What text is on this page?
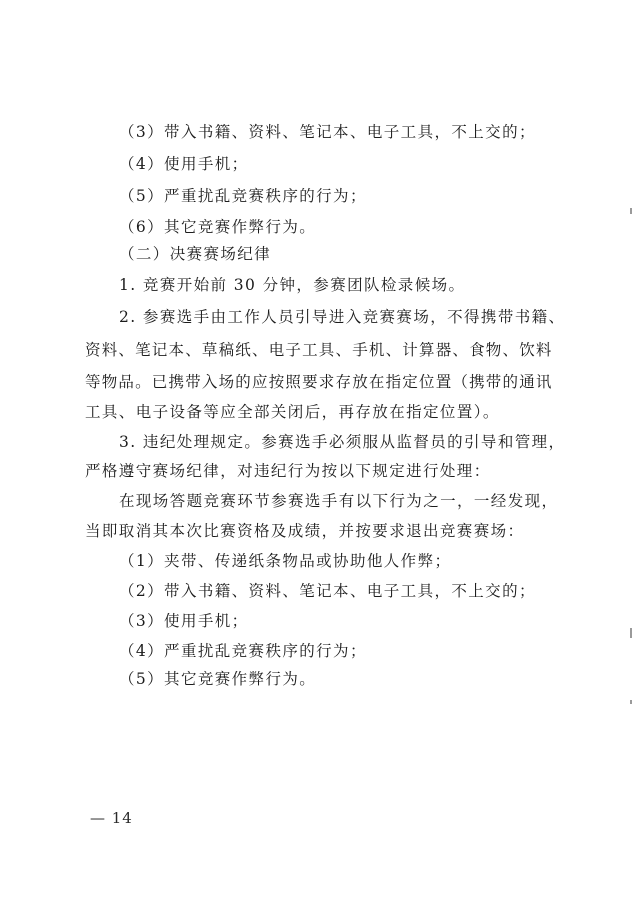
（3）带入书籍、资料、笔记本、电子工具，不上交的；
（4）使用手机；
（5）严重扰乱竞赛秩序的行为；
（6）其它竞赛作弊行为。
（二）决赛赛场纪律
1. 竞赛开始前 30 分钟，参赛团队检录候场。
2. 参赛选手由工作人员引导进入竞赛赛场，不得携带书籍、
资料、笔记本、草稿纸、电子工具、手机、计算器、食物、饮料
等物品。已携带入场的应按照要求存放在指定位置（携带的通讯
工具、电子设备等应全部关闭后，再存放在指定位置）。
3. 违纪处理规定。参赛选手必须服从监督员的引导和管理，
严格遵守赛场纪律，对违纪行为按以下规定进行处理：
在现场答题竞赛环节参赛选手有以下行为之一，一经发现，
当即取消其本次比赛资格及成绩，并按要求退出竞赛赛场：
（1）夹带、传递纸条物品或协助他人作弊；
（2）带入书籍、资料、笔记本、电子工具，不上交的；
（3）使用手机；
（4）严重扰乱竞赛秩序的行为；
（5）其它竞赛作弊行为。
— 14
